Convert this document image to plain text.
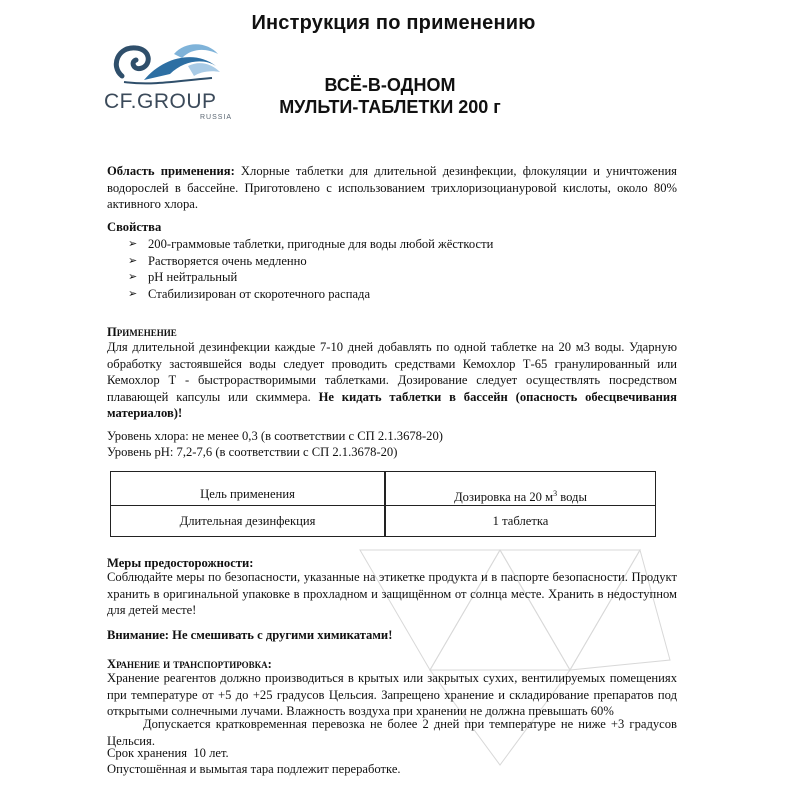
Инструкция по применению
CF.GROUP
RUSSIA
ВСЁ-В-ОДНОМ
МУЛЬТИ-ТАБЛЕТКИ 200 г
Область применения: Хлорные таблетки для длительной дезинфекции, флокуляции и уничтожения водорослей в бассейне. Приготовлено с использованием трихлоризоциануровой кислоты, около 80% активного хлора.
Свойства
➢ 200-граммовые таблетки, пригодные для воды любой жёсткости
➢ Растворяется очень медленно
➢ pH нейтральный
➢ Стабилизирован от скоротечного распада
Применение
Для длительной дезинфекции каждые 7-10 дней добавлять по одной таблетке на 20 м3 воды. Ударную обработку застоявшейся воды следует проводить средствами Кемохлор Т-65 гранулированный или Кемохлор Т - быстрорастворимыми таблетками. Дозирование следует осуществлять посредством плавающей капсулы или скиммера. Не кидать таблетки в бассейн (опасность обесцвечивания материалов)!
Уровень хлора: не менее 0,3 (в соответствии с СП 2.1.3678-20)
Уровень pH: 7,2-7,6 (в соответствии с СП 2.1.3678-20)
Цель применения	Дозировка на 20 $м^3$ воды
Длительная дезинфекция	1 таблетка
Меры предосторожности:
Соблюдайте меры по безопасности, указанные на этикетке продукта и в паспорте безопасности. Продукт хранить в оригинальной упаковке в прохладном и защищённом от солнца месте. Хранить в недоступном для детей месте!
Внимание: Не смешивать с другими химикатами!
Хранение и транспортировка:
Хранение реагентов должно производиться в крытых или закрытых сухих, вентилируемых помещениях при температуре от +5 до +25 градусов Цельсия. Запрещено хранение и складирование препаратов под открытыми солнечными лучами. Влажность воздуха при хранении не должна превышать 60%
Допускается кратковременная перевозка не более 2 дней при температуре не ниже +3 градусов Цельсия.
Срок хранения  10 лет.
Опустошённая и вымытая тара подлежит переработке.
